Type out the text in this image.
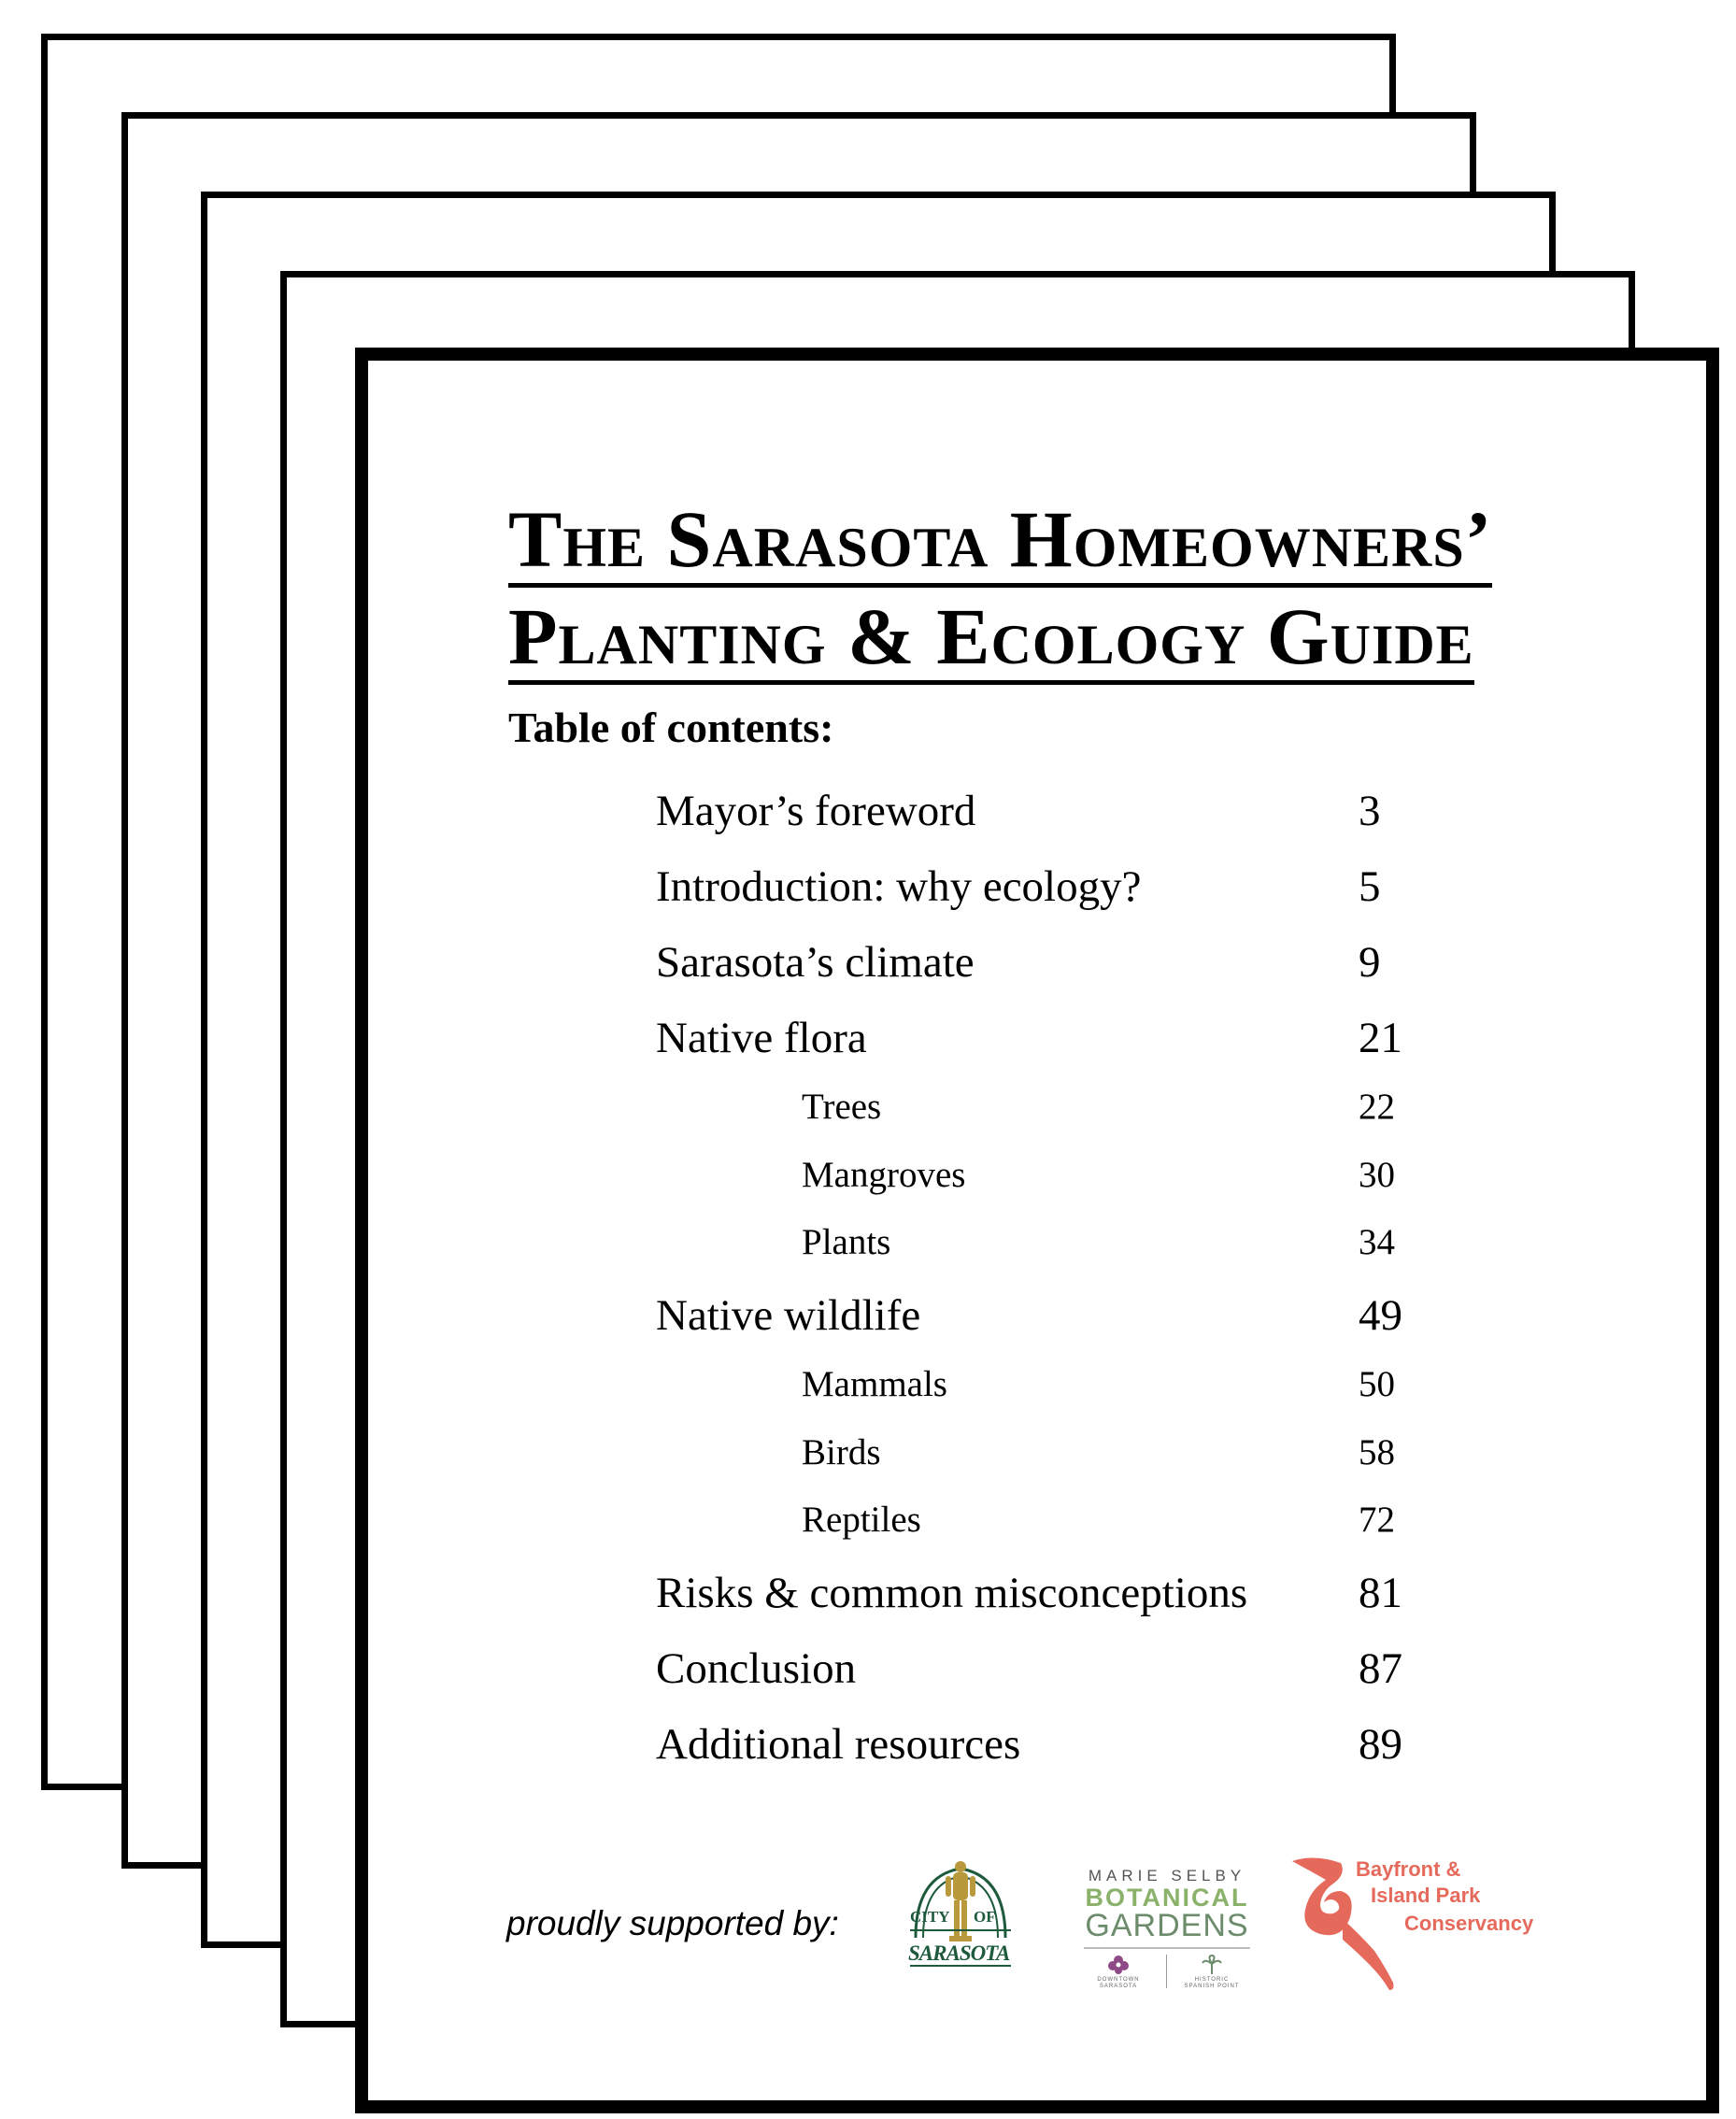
The Sarasota Homeowners’
Planting & Ecology Guide
Table of contents:
Mayor’s foreword	3
Introduction: why ecology?	5
Sarasota’s climate	9
Native flora	21
Trees	22
Mangroves	30
Plants	34
Native wildlife	49
Mammals	50
Birds	58
Reptiles	72
Risks & common misconceptions	81
Conclusion	87
Additional resources	89
proudly supported by:	CITY OF
SARASOTA
MARIE SELBY
BOTANICAL
GARDENS
DOWNTOWN
SARASOTA
HISTORIC
SPANISH POINT
Bayfront &
Island Park
Conservancy
